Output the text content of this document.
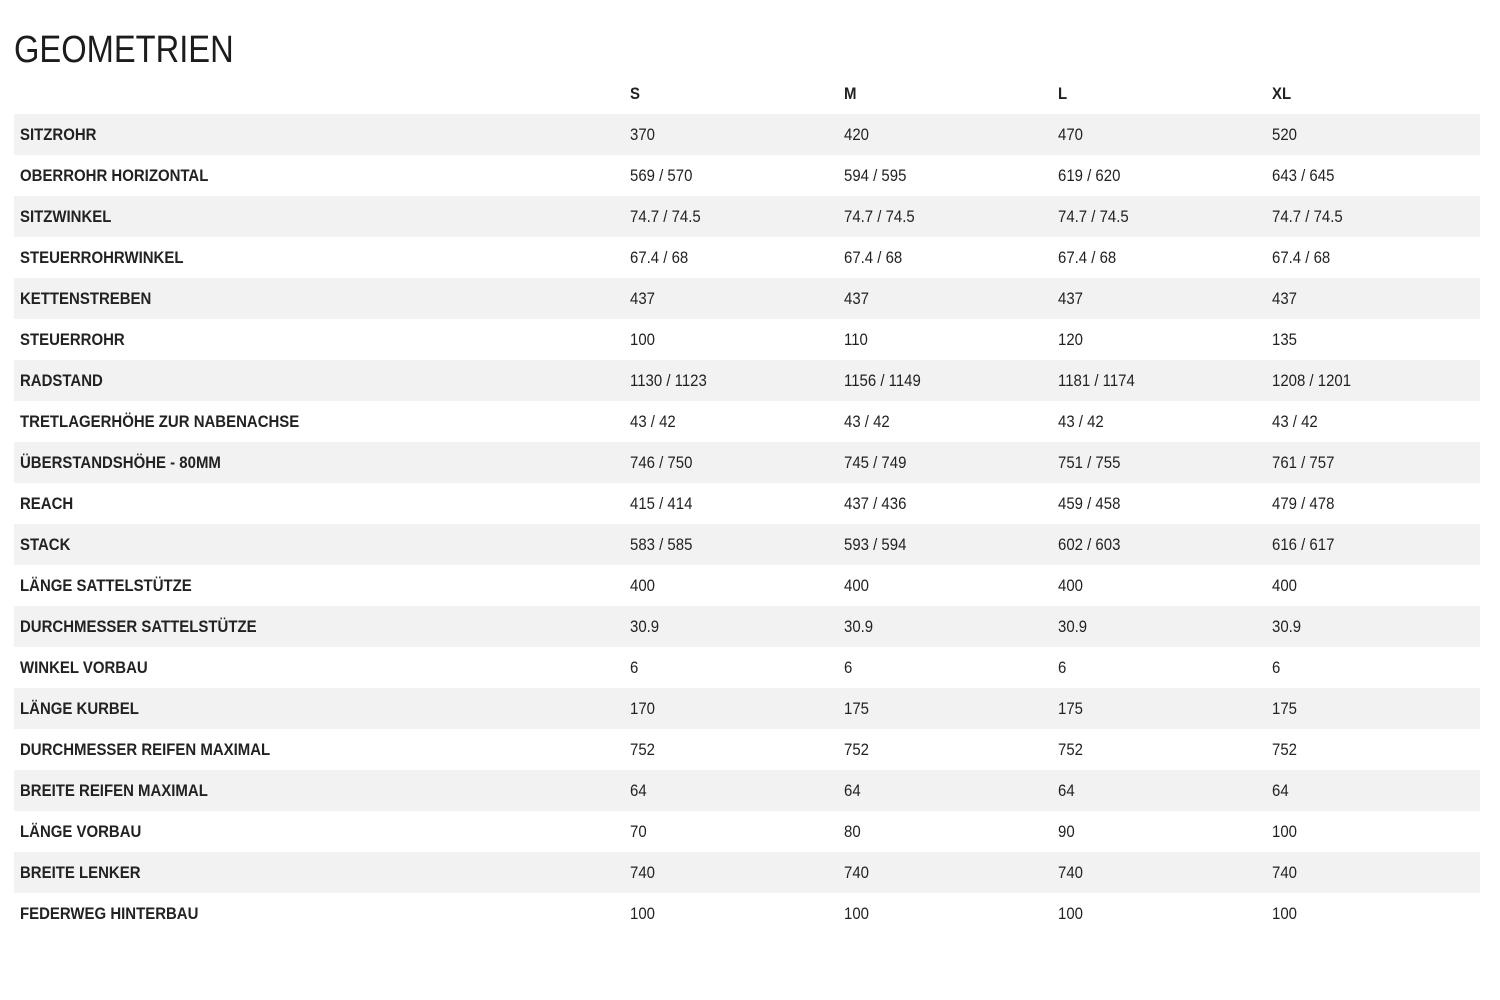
GEOMETRIEN
	S	M	L	XL
SITZROHR	370	420	470	520
OBERROHR HORIZONTAL	569 / 570	594 / 595	619 / 620	643 / 645
SITZWINKEL	74.7 / 74.5	74.7 / 74.5	74.7 / 74.5	74.7 / 74.5
STEUERROHRWINKEL	67.4 / 68	67.4 / 68	67.4 / 68	67.4 / 68
KETTENSTREBEN	437	437	437	437
STEUERROHR	100	110	120	135
RADSTAND	1130 / 1123	1156 / 1149	1181 / 1174	1208 / 1201
TRETLAGERHÖHE ZUR NABENACHSE	43 / 42	43 / 42	43 / 42	43 / 42
ÜBERSTANDSHÖHE - 80MM	746 / 750	745 / 749	751 / 755	761 / 757
REACH	415 / 414	437 / 436	459 / 458	479 / 478
STACK	583 / 585	593 / 594	602 / 603	616 / 617
LÄNGE SATTELSTÜTZE	400	400	400	400
DURCHMESSER SATTELSTÜTZE	30.9	30.9	30.9	30.9
WINKEL VORBAU	6	6	6	6
LÄNGE KURBEL	170	175	175	175
DURCHMESSER REIFEN MAXIMAL	752	752	752	752
BREITE REIFEN MAXIMAL	64	64	64	64
LÄNGE VORBAU	70	80	90	100
BREITE LENKER	740	740	740	740
FEDERWEG HINTERBAU	100	100	100	100
